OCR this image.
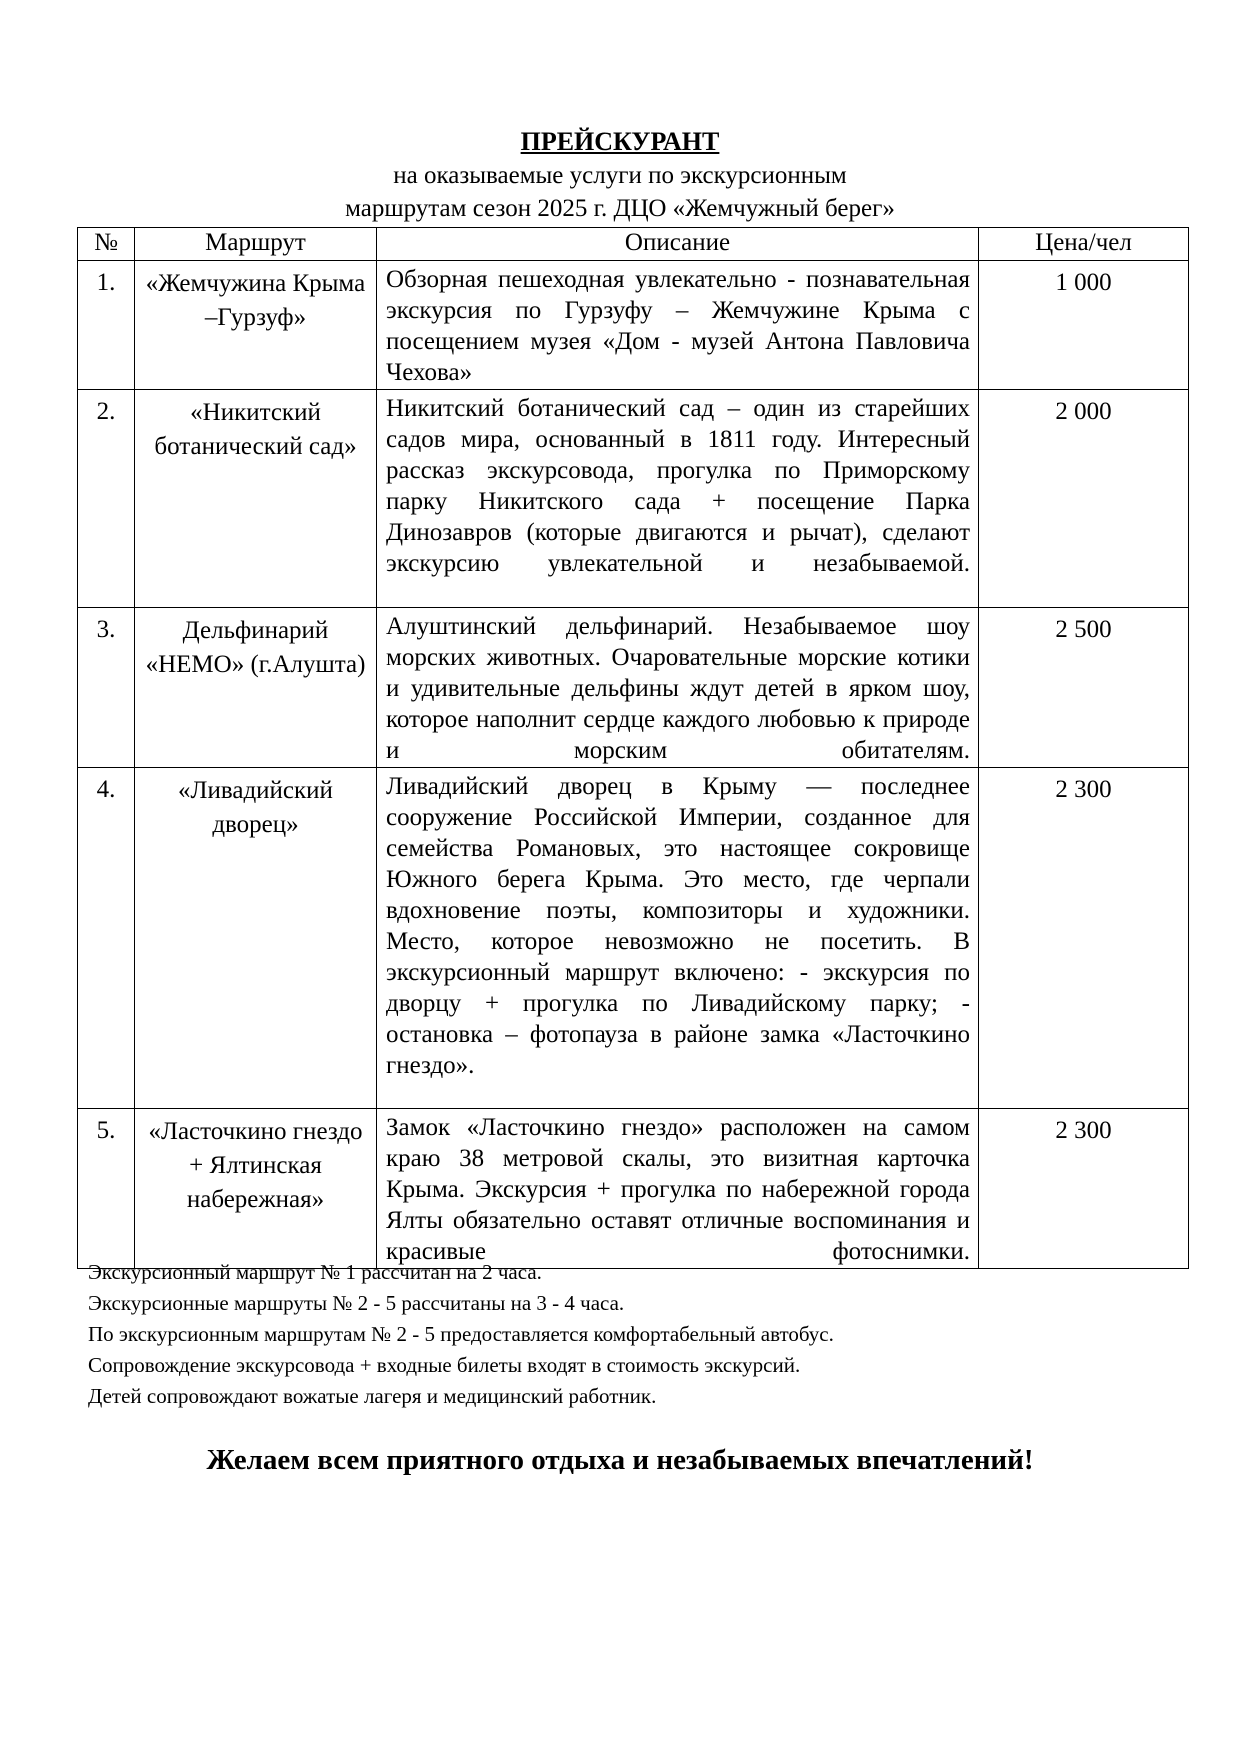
ПРЕЙСКУРАНТ
на оказываемые услуги по экскурсионным
маршрутам сезон 2025 г. ДЦО «Жемчужный берег»
№	Маршрут	Описание	Цена/чел
1.	«Жемчужина Крыма –Гурзуф»	Обзорная пешеходная увлекательно - познавательная экскурсия по Гурзуфу – Жемчужине Крыма с посещением музея «Дом - музей Антона Павловича Чехова»	1 000
2.	«Никитский ботанический сад»	Никитский ботанический сад – один из старейших садов мира, основанный в 1811 году. Интересный рассказ экскурсовода, прогулка по Приморскому парку Никитского сада + посещение Парка Динозавров (которые двигаются и рычат), сделают экскурсию увлекательной и незабываемой.	2 000
3.	Дельфинарий «НЕМО» (г.Алушта)	Алуштинский дельфинарий. Незабываемое шоу морских животных. Очаровательные морские котики и удивительные дельфины ждут детей в ярком шоу, которое наполнит сердце каждого любовью к природе и морским обитателям.	2 500
4.	«Ливадийский дворец»	Ливадийский дворец в Крыму — последнее сооружение Российской Империи, созданное для семейства Романовых, это настоящее сокровище Южного берега Крыма. Это место, где черпали вдохновение поэты, композиторы и художники. Место, которое невозможно не посетить. В экскурсионный маршрут включено: - экскурсия по дворцу + прогулка по Ливадийскому парку; - остановка – фотопауза в районе замка «Ласточкино гнездо».	2 300
5.	«Ласточкино гнездо + Ялтинская набережная»	Замок «Ласточкино гнездо» расположен на самом краю 38 метровой скалы, это визитная карточка Крыма. Экскурсия + прогулка по набережной города Ялты обязательно оставят отличные воспоминания и красивые фотоснимки.	2 300
Экскурсионный маршрут № 1 рассчитан на 2 часа.
Экскурсионные маршруты № 2 - 5 рассчитаны на 3 - 4 часа.
По экскурсионным маршрутам № 2 - 5 предоставляется комфортабельный автобус.
Сопровождение экскурсовода + входные билеты входят в стоимость экскурсий.
Детей сопровождают вожатые лагеря и медицинский работник.
Желаем всем приятного отдыха и незабываемых впечатлений!
